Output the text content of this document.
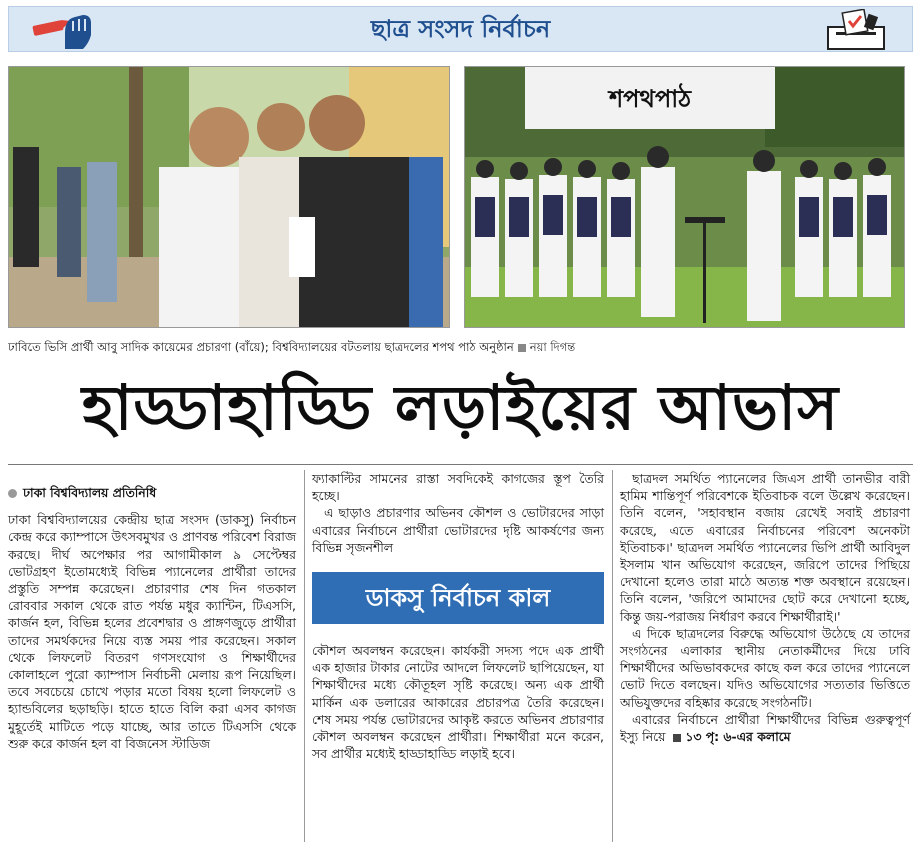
ছাত্র সংসদ নির্বাচন
শপথপাঠ
ঢাবিতে ভিসি প্রার্থী আবু সাদিক কায়েমের প্রচারণা (বাঁয়ে); বিশ্ববিদ্যালয়ের বটতলায় ছাত্রদলের শপথ পাঠ অনুষ্ঠান নয়া দিগন্ত
হাড্ডাহাড্ডি লড়াইয়ের আভাস
ঢাকা বিশ্ববিদ্যালয় প্রতিনিধি

ঢাকা বিশ্ববিদ্যালয়ের কেন্দ্রীয় ছাত্র সংসদ (ডাকসু) নির্বাচন কেন্দ্র করে ক্যাম্পাসে উৎসবমুখর ও প্রাণবন্ত পরিবেশ বিরাজ করছে। দীর্ঘ অপেক্ষার পর আগামীকাল ৯ সেপ্টেম্বর ভোটগ্রহণ ইতোমধ্যেই বিভিন্ন প্যানেলের প্রার্থীরা তাদের প্রস্তুতি সম্পন্ন করেছেন। প্রচারণার শেষ দিন গতকাল রোববার সকাল থেকে রাত পর্যন্ত মধুর ক্যান্টিন, টিএসসি, কার্জন হল, বিভিন্ন হলের প্রবেশদ্বার ও প্রাঙ্গণজুড়ে প্রার্থীরা তাদের সমর্থকদের নিয়ে ব্যস্ত সময় পার করেছেন। সকাল থেকে লিফলেট বিতরণ গণসংযোগ ও শিক্ষার্থীদের কোলাহলে পুরো ক্যাম্পাস নির্বাচনী মেলায় রূপ নিয়েছিল। তবে সবচেয়ে চোখে পড়ার মতো বিষয় হলো লিফলেট ও হ্যান্ডবিলের ছড়াছড়ি। হাতে হাতে বিলি করা এসব কাগজ মুহূর্তেই মাটিতে পড়ে যাচ্ছে, আর তাতে টিএসসি থেকে শুরু করে কার্জন হল বা বিজনেস স্টাডিজ

ফ্যাকাল্টির সামনের রাস্তা সবদিকেই কাগজের স্তূপ তৈরি হচ্ছে।

এ ছাড়াও প্রচারণার অভিনব কৌশল ও ভোটারদের সাড়া এবারের নির্বাচনে প্রার্থীরা ভোটারদের দৃষ্টি আকর্ষণের জন্য বিভিন্ন সৃজনশীল

ডাকসু নির্বাচন কাল

কৌশল অবলম্বন করেছেন। কার্যকরী সদস্য পদে এক প্রার্থী এক হাজার টাকার নোটের আদলে লিফলেট ছাপিয়েছেন, যা শিক্ষার্থীদের মধ্যে কৌতূহল সৃষ্টি করেছে। অন্য এক প্রার্থী মার্কিন এক ডলারের আকারের প্রচারপত্র তৈরি করেছেন। শেষ সময় পর্যন্ত ভোটারদের আকৃষ্ট করতে অভিনব প্রচারণার কৌশল অবলম্বন করেছেন প্রার্থীরা। শিক্ষার্থীরা মনে করেন, সব প্রার্থীর মধ্যেই হাড্ডাহাড্ডি লড়াই হবে।

ছাত্রদল সমর্থিত প্যানেলের জিএস প্রার্থী তানভীর বারী হামিম শান্তিপূর্ণ পরিবেশকে ইতিবাচক বলে উল্লেখ করেছেন। তিনি বলেন, 'সহাবস্থান বজায় রেখেই সবাই প্রচারণা করেছে, এতে এবারের নির্বাচনের পরিবেশ অনেকটা ইতিবাচক।' ছাত্রদল সমর্থিত প্যানেলের ভিপি প্রার্থী আবিদুল ইসলাম খান অভিযোগ করেছেন, জরিপে তাদের পিছিয়ে দেখানো হলেও তারা মাঠে অত্যন্ত শক্ত অবস্থানে রয়েছেন। তিনি বলেন, 'জরিপে আমাদের ছোট করে দেখানো হচ্ছে, কিন্তু জয়-পরাজয় নির্ধারণ করবে শিক্ষার্থীরাই।'

এ দিকে ছাত্রদলের বিরুদ্ধে অভিযোগ উঠেছে যে তাদের সংগঠনের এলাকার স্থানীয় নেতাকর্মীদের দিয়ে ঢাবি শিক্ষার্থীদের অভিভাবকদের কাছে কল করে তাদের প্যানেলে ভোট দিতে বলছেন। যদিও অভিযোগের সত্যতার ভিত্তিতে অভিযুক্তদের বহিষ্কার করেছে সংগঠনটি।

এবারের নির্বাচনে প্রার্থীরা শিক্ষার্থীদের বিভিন্ন গুরুত্বপূর্ণ ইস্যু নিয়ে ১৩ পৃ: ৬-এর কলামে
